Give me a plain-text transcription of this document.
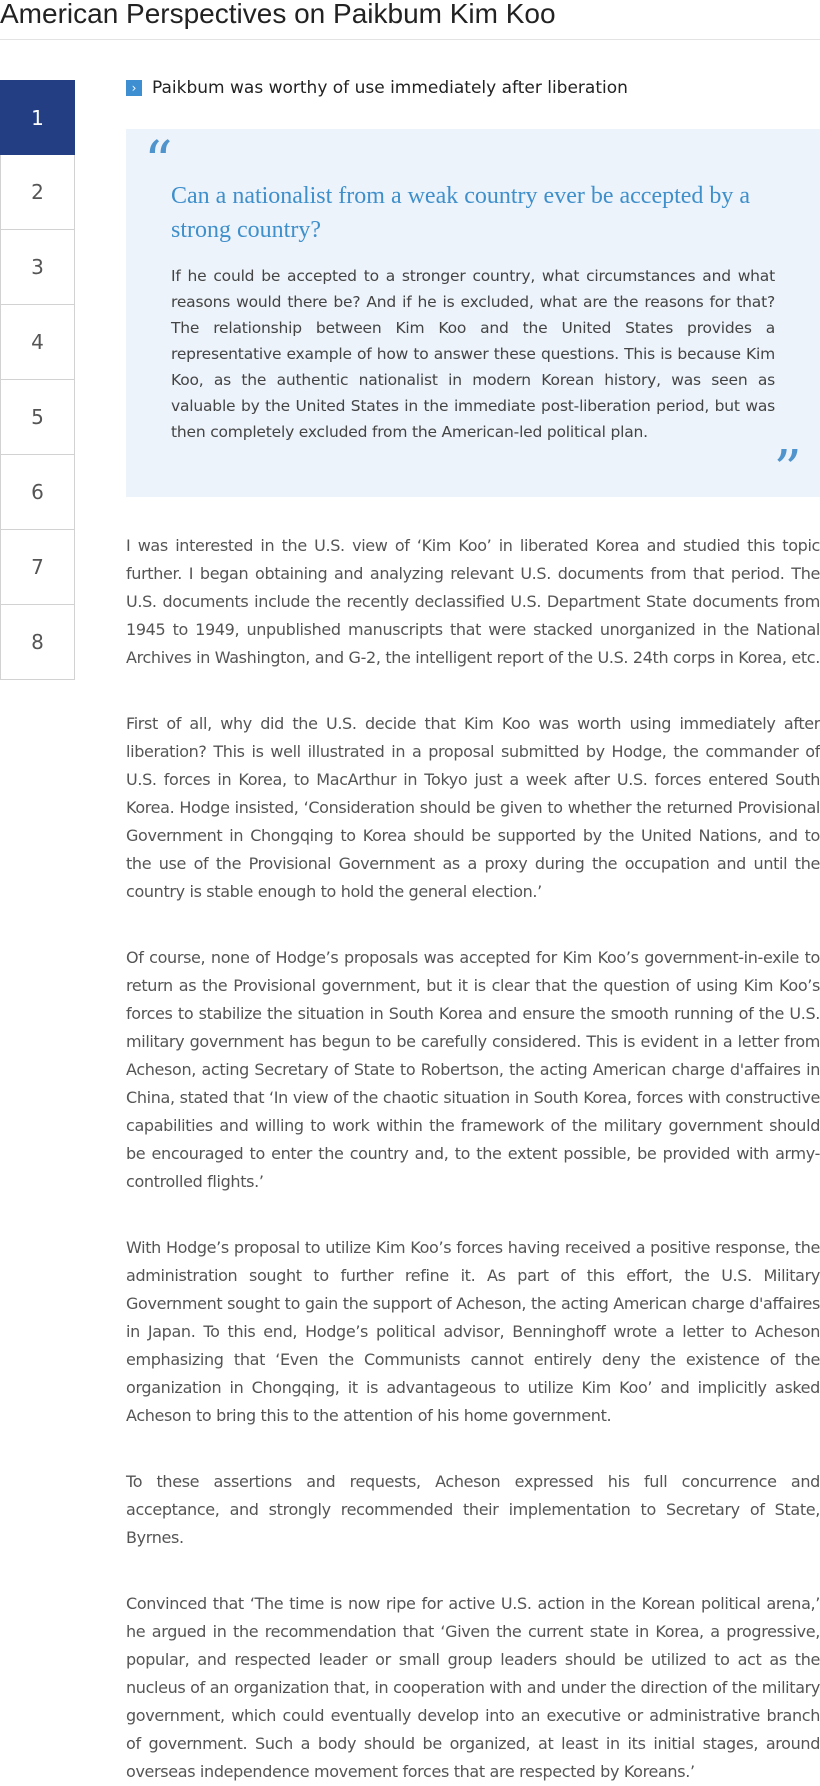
American Perspectives on Paikbum Kim Koo
1
2
3
4
5
6
7
8
› Paikbum was worthy of use immediately after liberation
“

Can a nationalist from a weak country ever be accepted by a strong country?

If he could be accepted to a stronger country, what circumstances and what reasons would there be? And if he is excluded, what are the reasons for that? The relationship between Kim Koo and the United States provides a representative example of how to answer these questions. This is because Kim Koo, as the authentic nationalist in modern Korean history, was seen as valuable by the United States in the immediate post-liberation period, but was then completely excluded from the American-led political plan.

”

I was interested in the U.S. view of ‘Kim Koo’ in liberated Korea and studied this topic further. I began obtaining and analyzing relevant U.S. documents from that period. The U.S. documents include the recently declassified U.S. Department State documents from 1945 to 1949, unpublished manuscripts that were stacked unorganized in the National Archives in Washington, and G-2, the intelligent report of the U.S. 24th corps in Korea, etc.

First of all, why did the U.S. decide that Kim Koo was worth using immediately after liberation? This is well illustrated in a proposal submitted by Hodge, the commander of U.S. forces in Korea, to MacArthur in Tokyo just a week after U.S. forces entered South Korea. Hodge insisted, ‘Consideration should be given to whether the returned Provisional Government in Chongqing to Korea should be supported by the United Nations, and to the use of the Provisional Government as a proxy during the occupation and until the country is stable enough to hold the general election.’

Of course, none of Hodge’s proposals was accepted for Kim Koo’s government-in-exile to return as the Provisional government, but it is clear that the question of using Kim Koo’s forces to stabilize the situation in South Korea and ensure the smooth running of the U.S. military government has begun to be carefully considered. This is evident in a letter from Acheson, acting Secretary of State to Robertson, the acting American charge d'affaires in China, stated that ‘In view of the chaotic situation in South Korea, forces with constructive capabilities and willing to work within the framework of the military government should be encouraged to enter the country and, to the extent possible, be provided with army-controlled flights.’

With Hodge’s proposal to utilize Kim Koo’s forces having received a positive response, the administration sought to further refine it. As part of this effort, the U.S. Military Government sought to gain the support of Acheson, the acting American charge d'affaires in Japan. To this end, Hodge’s political advisor, Benninghoff wrote a letter to Acheson emphasizing that ‘Even the Communists cannot entirely deny the existence of the organization in Chongqing, it is advantageous to utilize Kim Koo’ and implicitly asked Acheson to bring this to the attention of his home government.

To these assertions and requests, Acheson expressed his full concurrence and acceptance, and strongly recommended their implementation to Secretary of State, Byrnes.

Convinced that ‘The time is now ripe for active U.S. action in the Korean political arena,’ he argued in the recommendation that ‘Given the current state in Korea, a progressive, popular, and respected leader or small group leaders should be utilized to act as the nucleus of an organization that, in cooperation with and under the direction of the military government, which could eventually develop into an executive or administrative branch of government. Such a body should be organized, at least in its initial stages, around overseas independence movement forces that are respected by Koreans.’
